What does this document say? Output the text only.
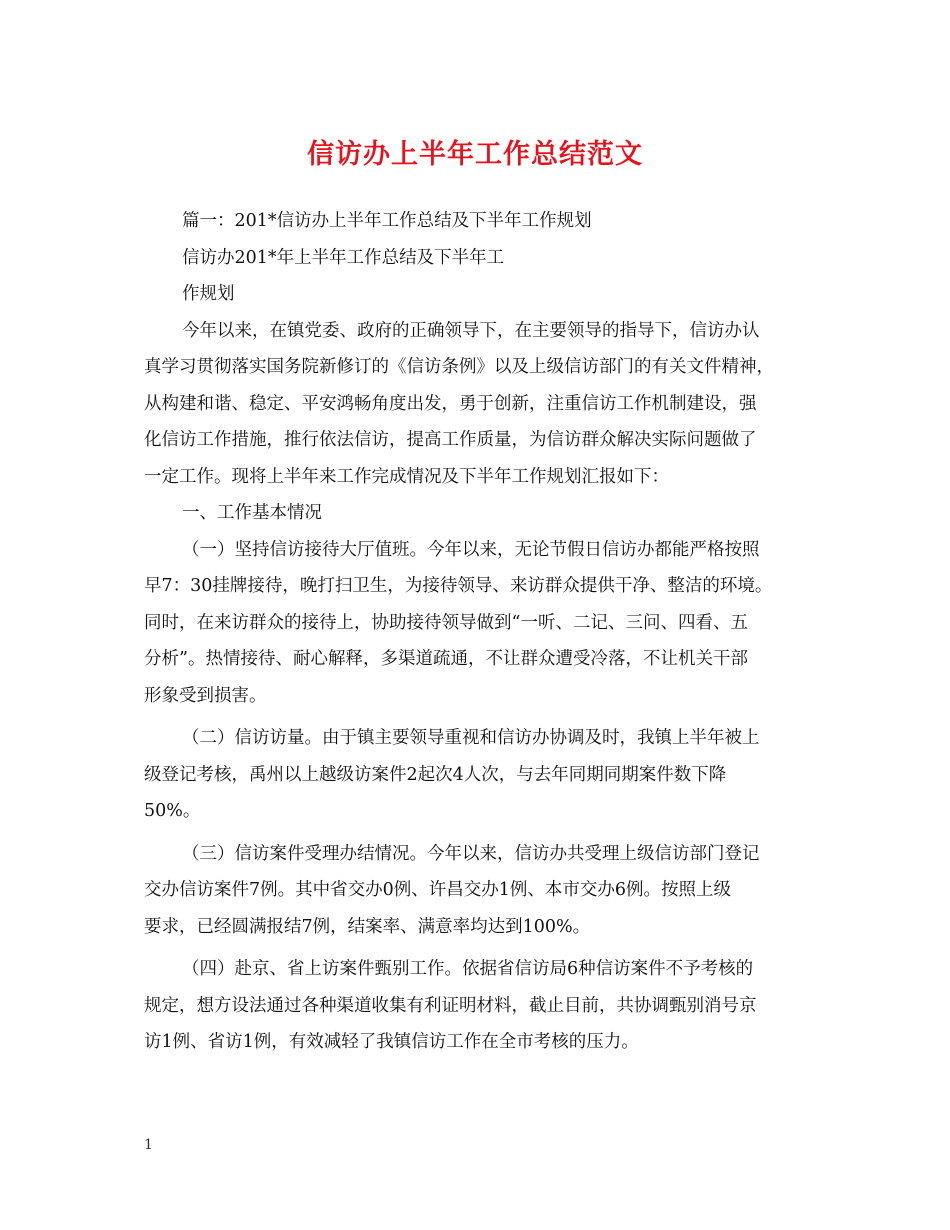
信访办上半年工作总结范文
篇一：201*信访办上半年工作总结及下半年工作规划
信访办201*年上半年工作总结及下半年工
作规划
今年以来，在镇党委、政府的正确领导下，在主要领导的指导下，信访办认
真学习贯彻落实国务院新修订的《信访条例》以及上级信访部门的有关文件精神，
从构建和谐、稳定、平安鸿畅角度出发，勇于创新，注重信访工作机制建设，强
化信访工作措施，推行依法信访，提高工作质量，为信访群众解决实际问题做了
一定工作。现将上半年来工作完成情况及下半年工作规划汇报如下：
一、工作基本情况
（一）坚持信访接待大厅值班。今年以来，无论节假日信访办都能严格按照
早7：30挂牌接待，晚打扫卫生，为接待领导、来访群众提供干净、整洁的环境。
同时，在来访群众的接待上，协助接待领导做到“一听、二记、三问、四看、五
分析”。热情接待、耐心解释，多渠道疏通，不让群众遭受冷落，不让机关干部
形象受到损害。
（二）信访访量。由于镇主要领导重视和信访办协调及时，我镇上半年被上
级登记考核，禹州以上越级访案件2起次4人次，与去年同期同期案件数下降
50%。
（三）信访案件受理办结情况。今年以来，信访办共受理上级信访部门登记
交办信访案件7例。其中省交办0例、许昌交办1例、本市交办6例。按照上级
要求，已经圆满报结7例，结案率、满意率均达到100%。
（四）赴京、省上访案件甄别工作。依据省信访局6种信访案件不予考核的
规定，想方设法通过各种渠道收集有利证明材料，截止目前，共协调甄别消号京
访1例、省访1例，有效减轻了我镇信访工作在全市考核的压力。
1
